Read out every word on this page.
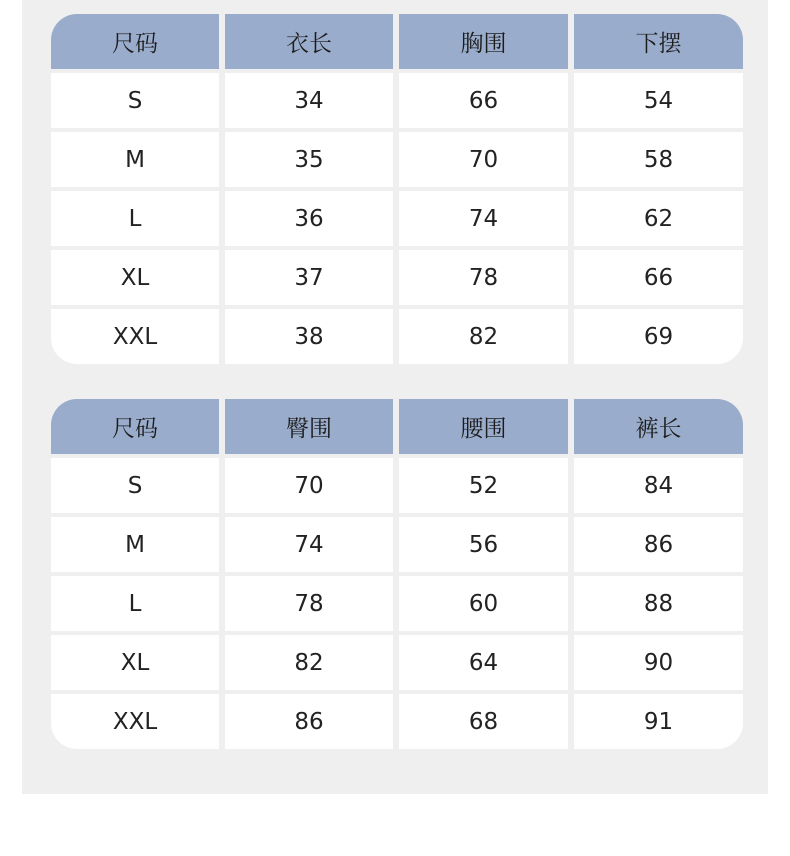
尺码	衣长	胸围	下摆
S	34	66	54
M	35	70	58
L	36	74	62
XL	37	78	66
XXL	38	82	69
尺码	臀围	腰围	裤长
S	70	52	84
M	74	56	86
L	78	60	88
XL	82	64	90
XXL	86	68	91
